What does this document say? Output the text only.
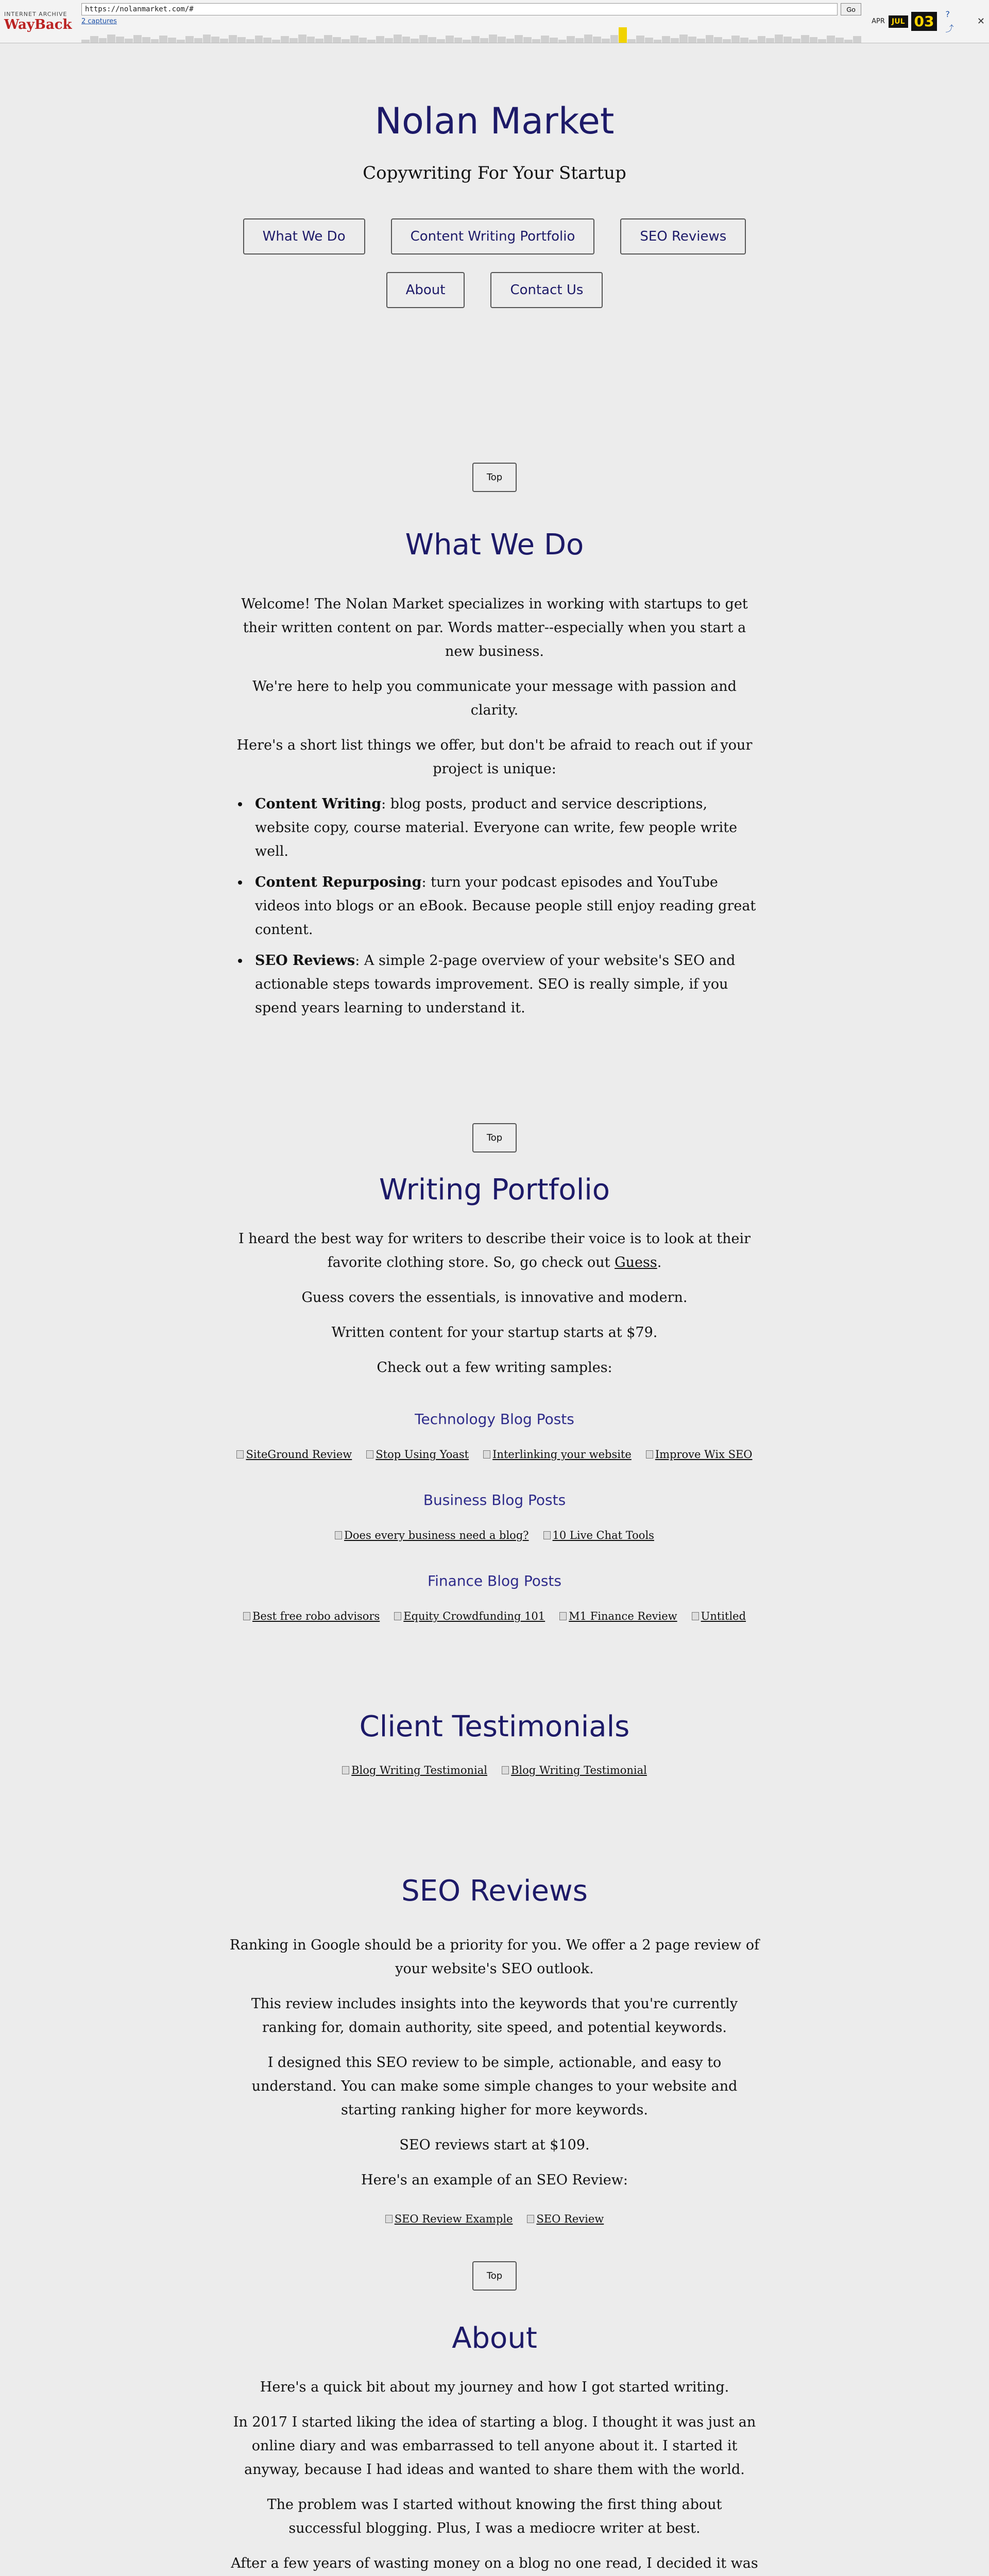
INTERNET ARCHIVE
WayBack
https://nolanmarket.com/#
Go
2 captures	APR JUL 03	?
⤴
✕
Nolan Market

Copywriting For Your Startup

What We Do	Content Writing Portfolio	SEO Reviews
About	Contact Us
Top
What We Do

Welcome! The Nolan Market specializes in working with startups to get their written content on par. Words matter--especially when you start a new business.

We're here to help you communicate your message with passion and clarity.

Here's a short list things we offer, but don't be afraid to reach out if your project is unique:

• Content Writing: blog posts, product and service descriptions, website copy, course material. Everyone can write, few people write well.
• Content Repurposing: turn your podcast episodes and YouTube videos into blogs or an eBook. Because people still enjoy reading great content.
• SEO Reviews: A simple 2-page overview of your website's SEO and actionable steps towards improvement. SEO is really simple, if you spend years learning to understand it.
Top
Writing Portfolio

I heard the best way for writers to describe their voice is to look at their favorite clothing store. So, go check out Guess.

Guess covers the essentials, is innovative and modern.

Written content for your startup starts at $79.

Check out a few writing samples:

Technology Blog Posts
SiteGround Review Stop Using Yoast Interlinking your website Improve Wix SEO
Business Blog Posts
Does every business need a blog? 10 Live Chat Tools
Finance Blog Posts
Best free robo advisors Equity Crowdfunding 101 M1 Finance Review Untitled
Client Testimonials
Blog Writing Testimonial Blog Writing Testimonial
SEO Reviews

Ranking in Google should be a priority for you. We offer a 2 page review of your website's SEO outlook.

This review includes insights into the keywords that you're currently ranking for, domain authority, site speed, and potential keywords.

I designed this SEO review to be simple, actionable, and easy to understand. You can make some simple changes to your website and starting ranking higher for more keywords.

SEO reviews start at $109.

Here's an example of an SEO Review:

SEO Review Example SEO Review
Top
About

Here's a quick bit about my journey and how I got started writing.

In 2017 I started liking the idea of starting a blog. I thought it was just an online diary and was embarrassed to tell anyone about it. I started it anyway, because I had ideas and wanted to share them with the world.

The problem was I started without knowing the first thing about successful blogging. Plus, I was a mediocre writer at best.

After a few years of wasting money on a blog no one read, I decided it was
